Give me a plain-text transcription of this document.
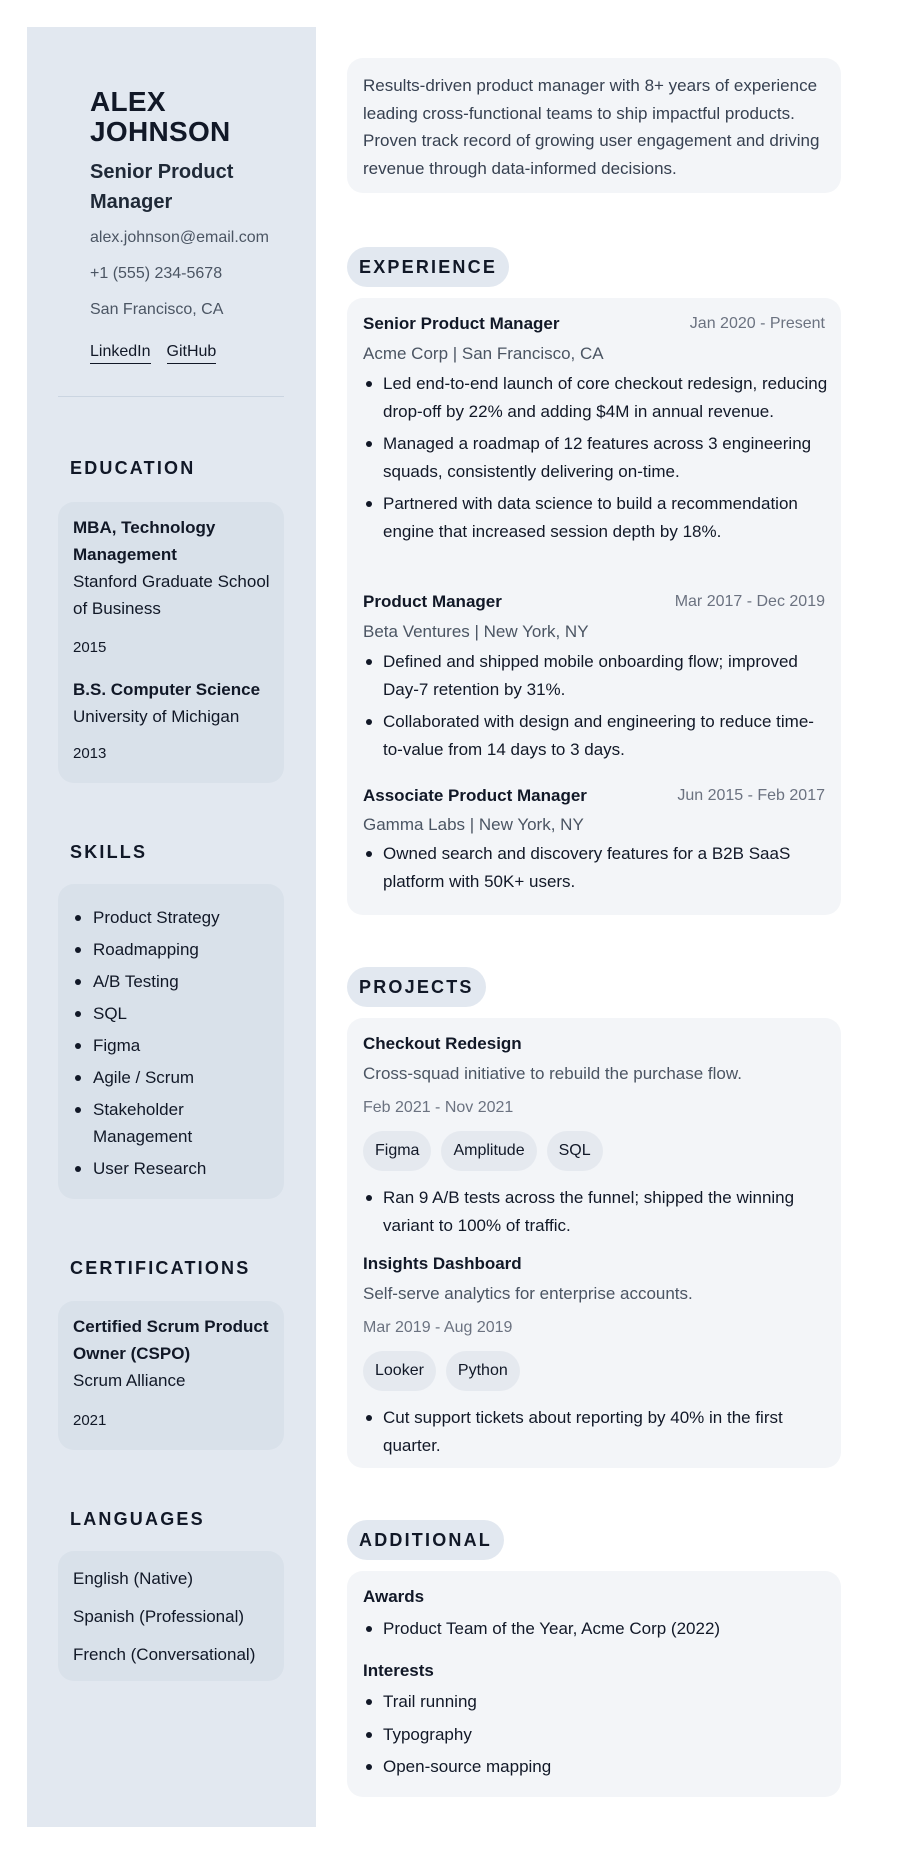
ALEX JOHNSON
Senior Product Manager
alex.johnson@email.com
+1 (555) 234-5678
San Francisco, CA
LinkedIn GitHub
EDUCATION
MBA, Technology Management
Stanford Graduate School of Business
2015
B.S. Computer Science
University of Michigan
2013
SKILLS
Product Strategy
Roadmapping
A/B Testing
SQL
Figma
Agile / Scrum
Stakeholder Management
User Research
CERTIFICATIONS
Certified Scrum Product Owner (CSPO)
Scrum Alliance
2021
LANGUAGES
English (Native)
Spanish (Professional)
French (Conversational)

Results-driven product manager with 8+ years of experience leading cross-functional teams to ship impactful products. Proven track record of growing user engagement and driving revenue through data-informed decisions.

EXPERIENCE
Senior Product Manager	Jan 2020 - Present
Acme Corp | San Francisco, CA
Led end-to-end launch of core checkout redesign, reducing drop-off by 22% and adding $4M in annual revenue.
Managed a roadmap of 12 features across 3 engineering squads, consistently delivering on-time.
Partnered with data science to build a recommendation engine that increased session depth by 18%.
Product Manager	Mar 2017 - Dec 2019
Beta Ventures | New York, NY
Defined and shipped mobile onboarding flow; improved Day-7 retention by 31%.
Collaborated with design and engineering to reduce time-to-value from 14 days to 3 days.
Associate Product Manager	Jun 2015 - Feb 2017
Gamma Labs | New York, NY
Owned search and discovery features for a B2B SaaS platform with 50K+ users.
PROJECTS
Checkout Redesign
Cross-squad initiative to rebuild the purchase flow.
Feb 2021 - Nov 2021
Figma	Amplitude	SQL
Ran 9 A/B tests across the funnel; shipped the winning variant to 100% of traffic.
Insights Dashboard
Self-serve analytics for enterprise accounts.
Mar 2019 - Aug 2019
Looker	Python
Cut support tickets about reporting by 40% in the first quarter.
ADDITIONAL
Awards
Product Team of the Year, Acme Corp (2022)
Interests
Trail running
Typography
Open-source mapping
